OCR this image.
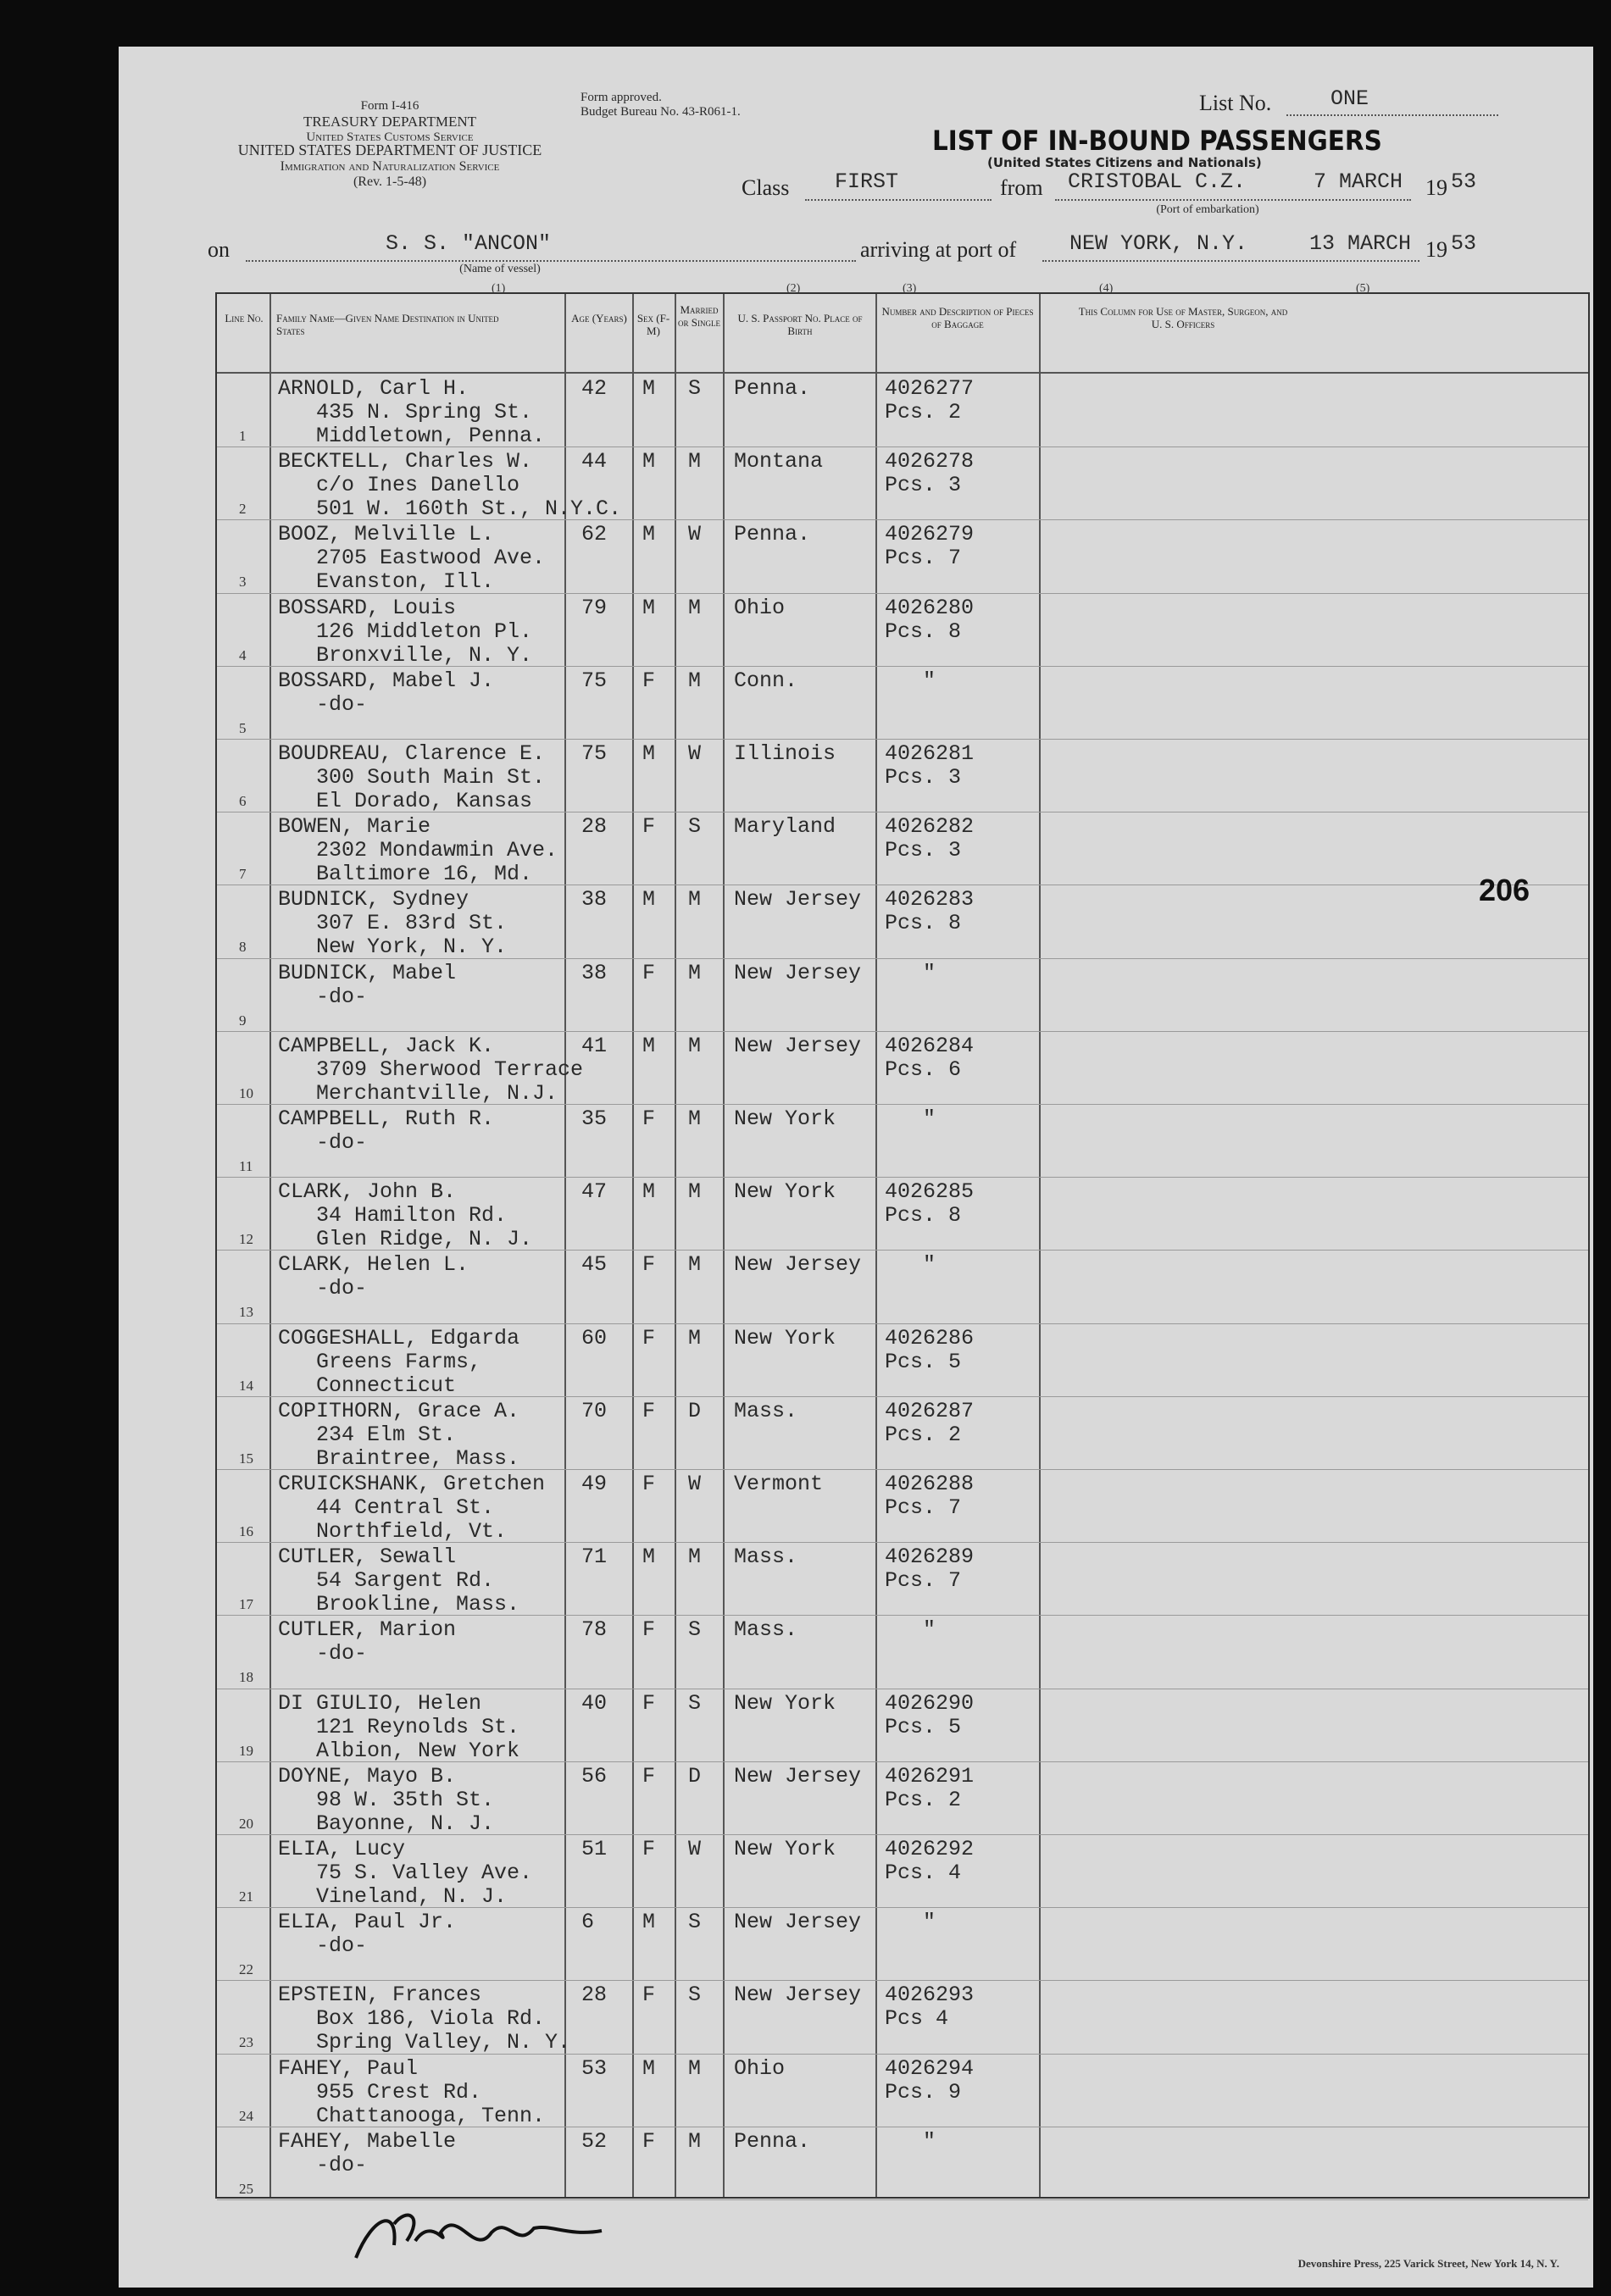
Form I-416
TREASURY DEPARTMENT
United States Customs Service
Form approved.
Budget Bureau No. 43-R061-1.
UNITED STATES DEPARTMENT OF JUSTICE
Immigration and Naturalization Service
(Rev. 1-5-48)
List No.	ONE
LIST OF IN-BOUND PASSENGERS
(United States Citizens and Nationals)
Class FIRST	from CRISTOBAL C.Z.	7 MARCH 19 53
(Port of embarkation)
on	S. S. "ANCON"
(Name of vessel)
arriving at port of	NEW YORK, N.Y.	13 MARCH 19 53
(1)	(2)	(3)	(4)	(5)
Line No.	Family Name—Given Name Destination in United States
Age (Years) Sex (F-M)
Married or Single	U. S. Passport No. Place of Birth
Number and Description of Pieces of Baggage
This Column for Use of Master, Surgeon, and U. S. Officers
1
ARNOLD, Carl H.
435 N. Spring St.
Middletown, Penna.
42 M S Penna.	4026277
Pcs. 2
2
BECKTELL, Charles W.
c/o Ines Danello
501 W. 160th St., N.Y.C.
44 M M Montana	4026278
Pcs. 3
3
BOOZ, Melville L.
2705 Eastwood Ave.
Evanston, Ill.
62 M W Penna.	4026279
Pcs. 7
4
BOSSARD, Louis
126 Middleton Pl.
Bronxville, N. Y.
79 M M Ohio	4026280
Pcs. 8
5
BOSSARD, Mabel J.
-do-
75 F M Conn.	"
6
BOUDREAU, Clarence E.
300 South Main St.
El Dorado, Kansas
75 M W Illinois 4026281
Pcs. 3
7
BOWEN, Marie
2302 Mondawmin Ave.
Baltimore 16, Md.
28 F S Maryland 4026282
Pcs. 3
8
BUDNICK, Sydney
307 E. 83rd St.
New York, N. Y.
38 M M New Jersey 4026283
Pcs. 8
9
BUDNICK, Mabel
-do-
38 F M New Jersey "
10
CAMPBELL, Jack K.
3709 Sherwood Terrace
Merchantville, N.J.
41 M M New Jersey 4026284
Pcs. 6
11
CAMPBELL, Ruth R.
-do-
35 F M New York "
12
CLARK, John B.
34 Hamilton Rd.
Glen Ridge, N. J.
47 M M New York 4026285
Pcs. 8
13
CLARK, Helen L.
-do-
45 F M New Jersey "
14
COGGESHALL, Edgarda
Greens Farms,
Connecticut
60 F M New York 4026286
Pcs. 5
15
COPITHORN, Grace A.
234 Elm St.
Braintree, Mass.
70 F D Mass.	4026287
Pcs. 2
16
CRUICKSHANK, Gretchen
44 Central St.
Northfield, Vt.
49 F W Vermont	4026288
Pcs. 7
17
CUTLER, Sewall
54 Sargent Rd.
Brookline, Mass.
71 M M Mass.	4026289
Pcs. 7
18
CUTLER, Marion
-do-
78 F S Mass.	"
19
DI GIULIO, Helen
121 Reynolds St.
Albion, New York
40 F S New York 4026290
Pcs. 5
20
DOYNE, Mayo B.
98 W. 35th St.
Bayonne, N. J.
56 F D New Jersey 4026291
Pcs. 2
21
ELIA, Lucy
75 S. Valley Ave.
Vineland, N. J.
51 F W New York 4026292
Pcs. 4
22
ELIA, Paul Jr.
-do-
6 M S New Jersey "
23
EPSTEIN, Frances
Box 186, Viola Rd.
Spring Valley, N. Y.
28 F S New Jersey 4026293
Pcs 4
24
FAHEY, Paul
955 Crest Rd.
Chattanooga, Tenn.
53 M M Ohio	4026294
Pcs. 9
25
FAHEY, Mabelle
-do-
52 F M Penna.	"
206
Devonshire Press, 225 Varick Street, New York 14, N. Y.
